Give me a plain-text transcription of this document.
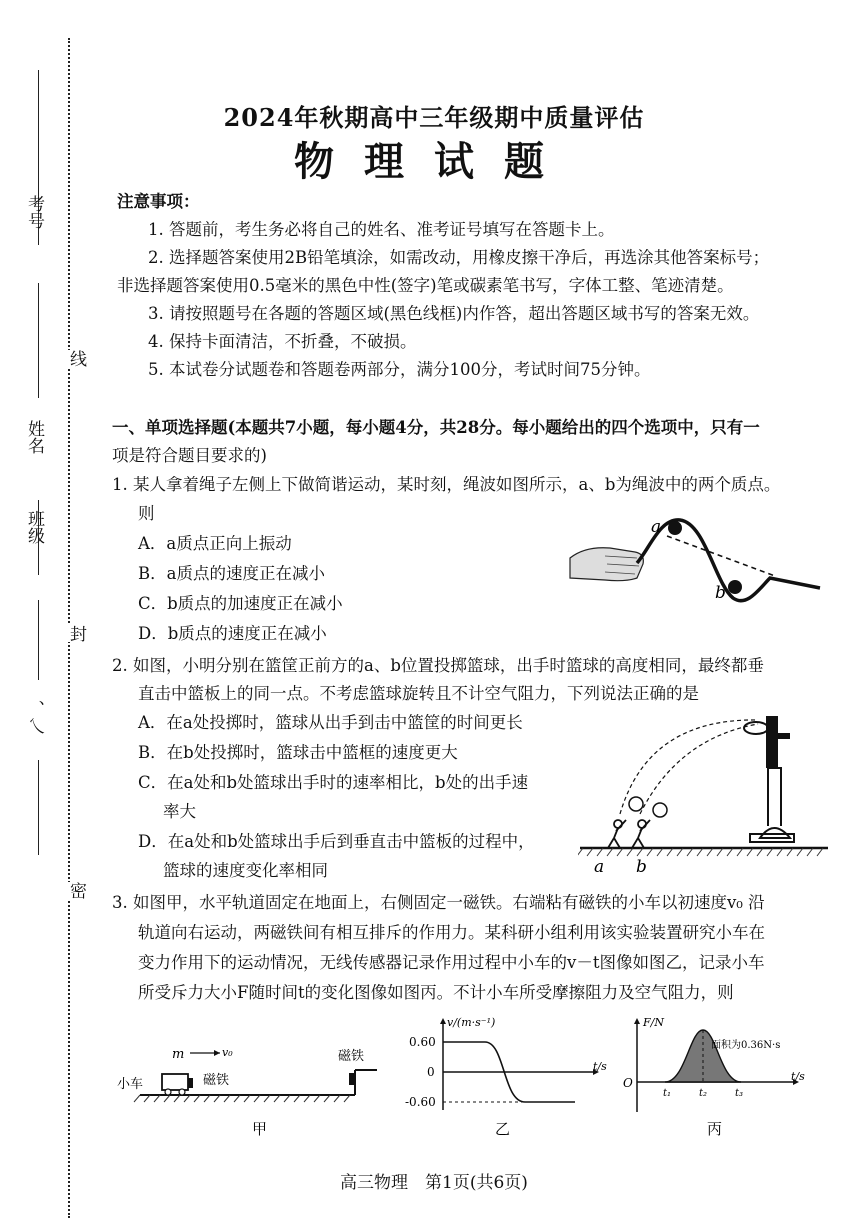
考号
姓名
班级
、乀
线
封
密
2024年秋期高中三年级期中质量评估
物理试题
注意事项：
1. 答题前，考生务必将自己的姓名、准考证号填写在答题卡上。
2. 选择题答案使用2B铅笔填涂，如需改动，用橡皮擦干净后，再选涂其他答案标号；
非选择题答案使用0.5毫米的黑色中性(签字)笔或碳素笔书写，字体工整、笔迹清楚。
3. 请按照题号在各题的答题区域(黑色线框)内作答，超出答题区域书写的答案无效。
4. 保持卡面清洁，不折叠，不破损。
5. 本试卷分试题卷和答题卷两部分，满分100分，考试时间75分钟。
一、单项选择题(本题共7小题，每小题4分，共28分。每小题给出的四个选项中，只有一
项是符合题目要求的)
1. 某人拿着绳子左侧上下做简谐运动，某时刻，绳波如图所示，a、b为绳波中的两个质点。
则
A．a质点正向上振动
B．a质点的速度正在减小
C．b质点的加速度正在减小
D．b质点的速度正在减小
a
b
2. 如图，小明分别在篮筐正前方的a、b位置投掷篮球，出手时篮球的高度相同，最终都垂
直击中篮板上的同一点。不考虑篮球旋转且不计空气阻力，下列说法正确的是
A．在a处投掷时，篮球从出手到击中篮筐的时间更长
B．在b处投掷时，篮球击中篮框的速度更大
C．在a处和b处篮球出手时的速率相比，b处的出手速
率大
D．在a处和b处篮球出手后到垂直击中篮板的过程中，
篮球的速度变化率相同	a b
3. 如图甲，水平轨道固定在地面上，右侧固定一磁铁。右端粘有磁铁的小车以初速度v₀ 沿
轨道向右运动，两磁铁间有相互排斥的作用力。某科研小组利用该实验装置研究小车在
变力作用下的运动情况，无线传感器记录作用过程中小车的v－t图像如图乙，记录小车
所受斥力大小F随时间t的变化图像如图丙。不计小车所受摩擦阻力及空气阻力，则
m	v₀
小车	磁铁
磁铁
甲
v/(m·s⁻¹)
t/s
0.60
0
-0.60
乙
F/N
t/s
O
面积为0.36N·s
t₁	t₂	t₃
丙
高三物理　第1页(共6页)
